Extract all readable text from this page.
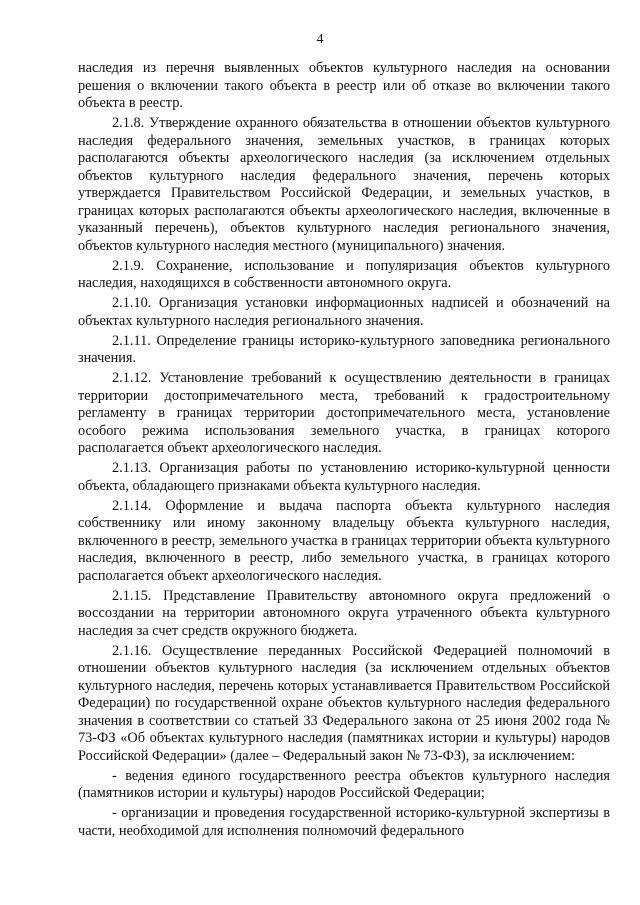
4

наследия из перечня выявленных объектов культурного наследия на основании решения о включении такого объекта в реестр или об отказе во включении такого объекта в реестр.

2.1.8. Утверждение охранного обязательства в отношении объектов культурного наследия федерального значения, земельных участков, в границах которых располагаются объекты археологического наследия (за исключением отдельных объектов культурного наследия федерального значения, перечень которых утверждается Правительством Российской Федерации, и земельных участков, в границах которых располагаются объекты археологического наследия, включенные в указанный перечень), объектов культурного наследия регионального значения, объектов культурного наследия местного (муниципального) значения.

2.1.9. Сохранение, использование и популяризация объектов культурного наследия, находящихся в собственности автономного округа.

2.1.10. Организация установки информационных надписей и обозначений на объектах культурного наследия регионального значения.

2.1.11. Определение границы историко-культурного заповедника регионального значения.

2.1.12. Установление требований к осуществлению деятельности в границах территории достопримечательного места, требований к градостроительному регламенту в границах территории достопримечательного места, установление особого режима использования земельного участка, в границах которого располагается объект археологического наследия.

2.1.13. Организация работы по установлению историко-культурной ценности объекта, обладающего признаками объекта культурного наследия.

2.1.14. Оформление и выдача паспорта объекта культурного наследия собственнику или иному законному владельцу объекта культурного наследия, включенного в реестр, земельного участка в границах территории объекта культурного наследия, включенного в реестр, либо земельного участка, в границах которого располагается объект археологического наследия.

2.1.15. Представление Правительству автономного округа предложений о воссоздании на территории автономного округа утраченного объекта культурного наследия за счет средств окружного бюджета.

2.1.16. Осуществление переданных Российской Федерацией полномочий в отношении объектов культурного наследия (за исключением отдельных объектов культурного наследия, перечень которых устанавливается Правительством Российской Федерации) по государственной охране объектов культурного наследия федерального значения в соответствии со статьей 33 Федерального закона от 25 июня 2002 года № 73-ФЗ «Об объектах культурного наследия (памятниках истории и культуры) народов Российской Федерации» (далее – Федеральный закон № 73-ФЗ), за исключением:

- ведения единого государственного реестра объектов культурного наследия (памятников истории и культуры) народов Российской Федерации;

- организации и проведения государственной историко-культурной экспертизы в части, необходимой для исполнения полномочий федерального
